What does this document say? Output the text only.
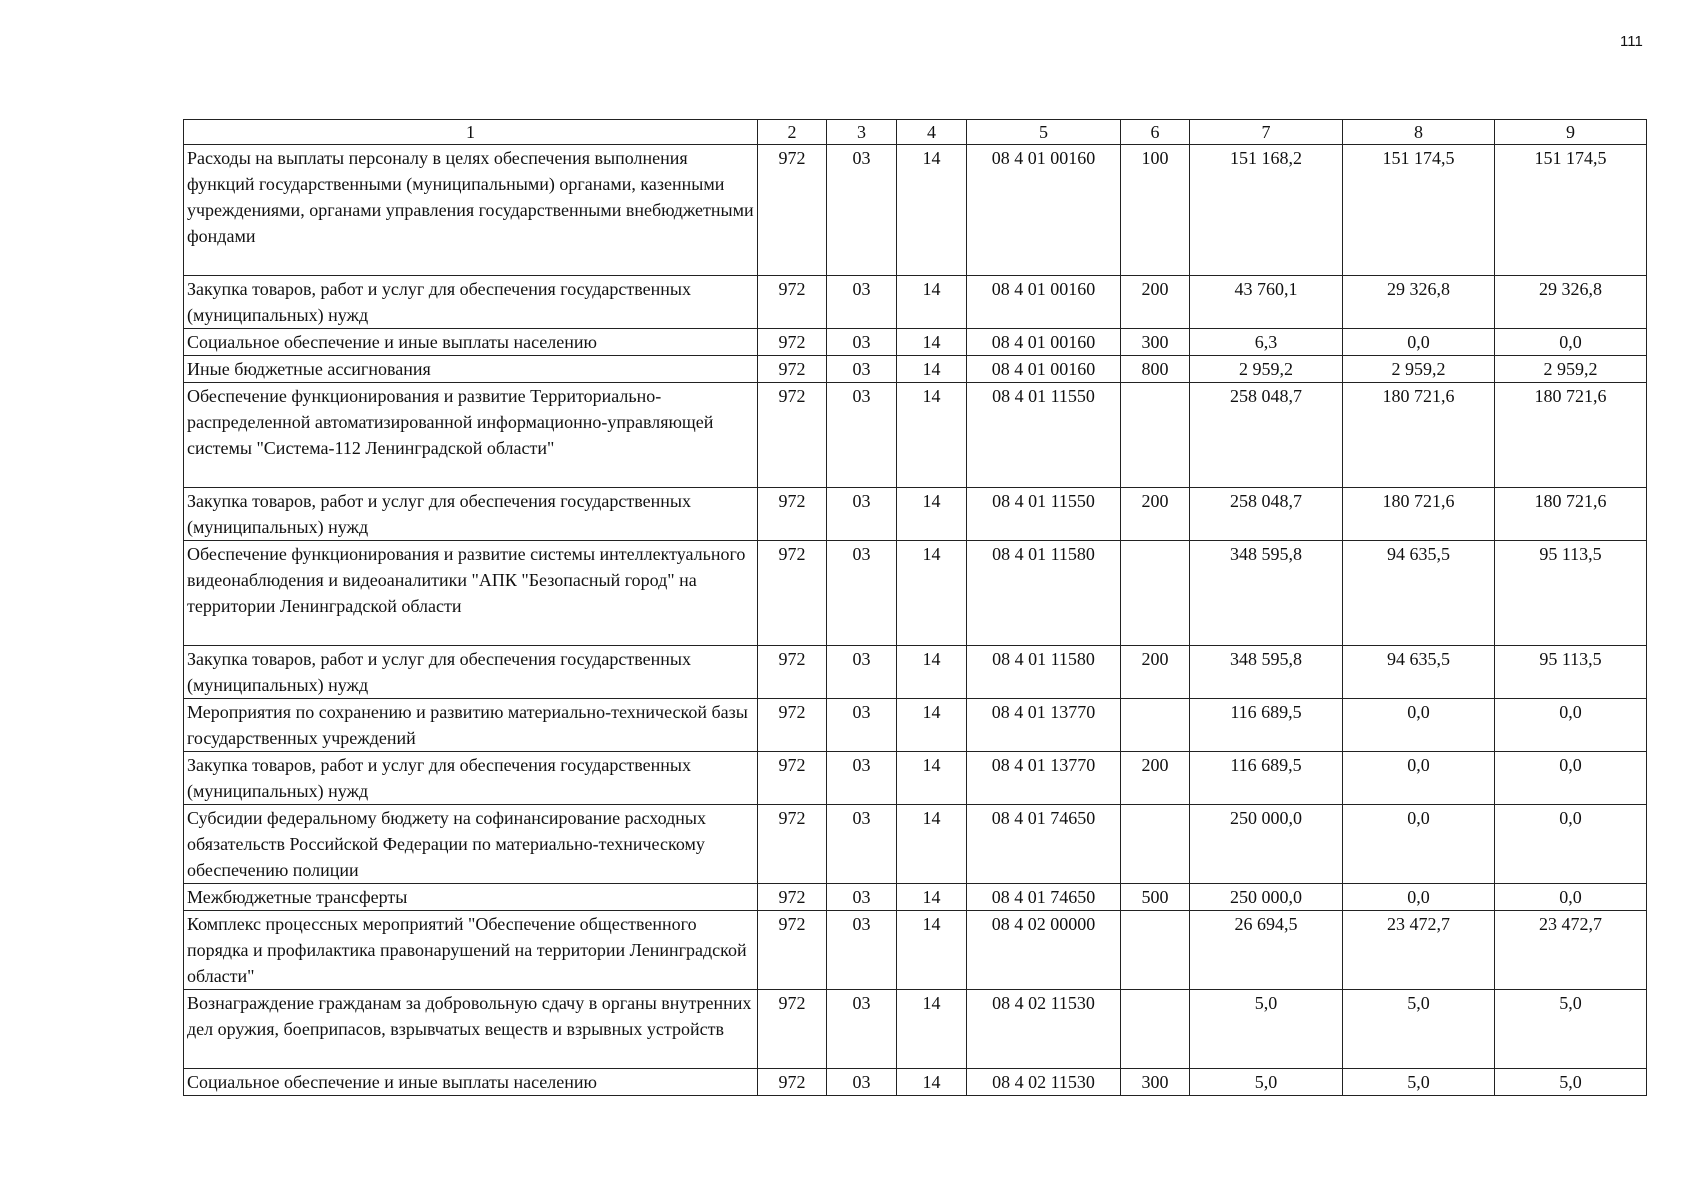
111
1	2	3	4	5	6	7	8	9
Расходы на выплаты персоналу в целях обеспечения выполнения функций государственными (муниципальными) органами, казенными учреждениями, органами управления государственными внебюджетными фондами	972	03	14	08 4 01 00160	100	151 168,2	151 174,5	151 174,5
Закупка товаров, работ и услуг для обеспечения государственных (муниципальных) нужд	972	03	14	08 4 01 00160	200	43 760,1	29 326,8	29 326,8
Социальное обеспечение и иные выплаты населению	972	03	14	08 4 01 00160	300	6,3	0,0	0,0
Иные бюджетные ассигнования	972	03	14	08 4 01 00160	800	2 959,2	2 959,2	2 959,2
Обеспечение функционирования и развитие Территориально-распределенной автоматизированной информационно-управляющей системы "Система-112 Ленинградской области"	972	03	14	08 4 01 11550		258 048,7	180 721,6	180 721,6
Закупка товаров, работ и услуг для обеспечения государственных (муниципальных) нужд	972	03	14	08 4 01 11550	200	258 048,7	180 721,6	180 721,6
Обеспечение функционирования и развитие системы интеллектуального видеонаблюдения и видеоаналитики "АПК "Безопасный город" на территории Ленинградской области	972	03	14	08 4 01 11580		348 595,8	94 635,5	95 113,5
Закупка товаров, работ и услуг для обеспечения государственных (муниципальных) нужд	972	03	14	08 4 01 11580	200	348 595,8	94 635,5	95 113,5
Мероприятия по сохранению и развитию материально-технической базы государственных учреждений	972	03	14	08 4 01 13770		116 689,5	0,0	0,0
Закупка товаров, работ и услуг для обеспечения государственных (муниципальных) нужд	972	03	14	08 4 01 13770	200	116 689,5	0,0	0,0
Субсидии федеральному бюджету на софинансирование расходных обязательств Российской Федерации по материально-техническому обеспечению полиции	972	03	14	08 4 01 74650		250 000,0	0,0	0,0
Межбюджетные трансферты	972	03	14	08 4 01 74650	500	250 000,0	0,0	0,0
Комплекс процессных мероприятий "Обеспечение общественного порядка и профилактика правонарушений на территории Ленинградской области"	972	03	14	08 4 02 00000		26 694,5	23 472,7	23 472,7
Вознаграждение гражданам за добровольную сдачу в органы внутренних дел оружия, боеприпасов, взрывчатых веществ и взрывных устройств	972	03	14	08 4 02 11530		5,0	5,0	5,0
Социальное обеспечение и иные выплаты населению	972	03	14	08 4 02 11530	300	5,0	5,0	5,0
